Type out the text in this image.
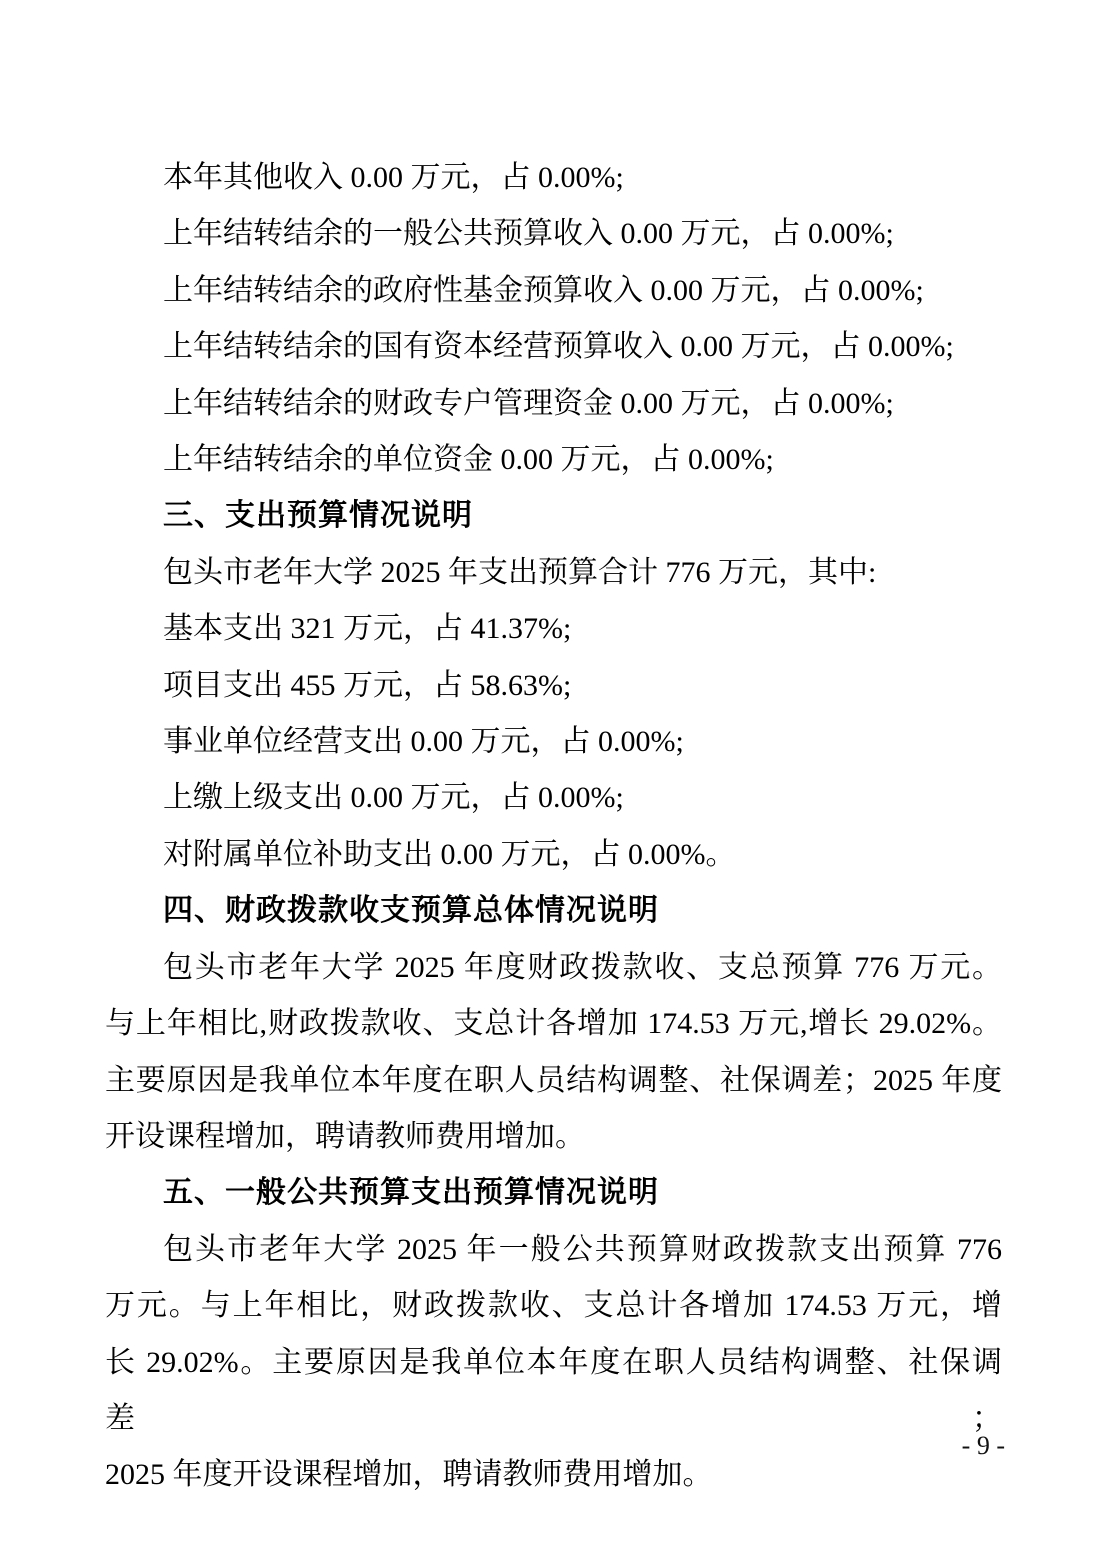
本年其他收入 0.00 万元，占 0.00%;
上年结转结余的一般公共预算收入 0.00 万元，占 0.00%;
上年结转结余的政府性基金预算收入 0.00 万元，占 0.00%;
上年结转结余的国有资本经营预算收入 0.00 万元，占 0.00%;
上年结转结余的财政专户管理资金 0.00 万元，占 0.00%;
上年结转结余的单位资金 0.00 万元，占 0.00%;
三、支出预算情况说明
包头市老年大学 2025 年支出预算合计 776 万元，其中:
基本支出 321 万元，占 41.37%;
项目支出 455 万元，占 58.63%;
事业单位经营支出 0.00 万元，占 0.00%;
上缴上级支出 0.00 万元，占 0.00%;
对附属单位补助支出 0.00 万元，占 0.00%。
四、财政拨款收支预算总体情况说明
包头市老年大学 2025 年度财政拨款收、支总预算 776 万元。
与上年相比,财政拨款收、支总计各增加 174.53 万元,增长 29.02%。
主要原因是我单位本年度在职人员结构调整、社保调差；2025 年度
开设课程增加，聘请教师费用增加。
五、一般公共预算支出预算情况说明
包头市老年大学 2025 年一般公共预算财政拨款支出预算 776
万元。与上年相比，财政拨款收、支总计各增加 174.53 万元，增
长 29.02%。主要原因是我单位本年度在职人员结构调整、社保调差；
2025 年度开设课程增加，聘请教师费用增加。
- 9 -
